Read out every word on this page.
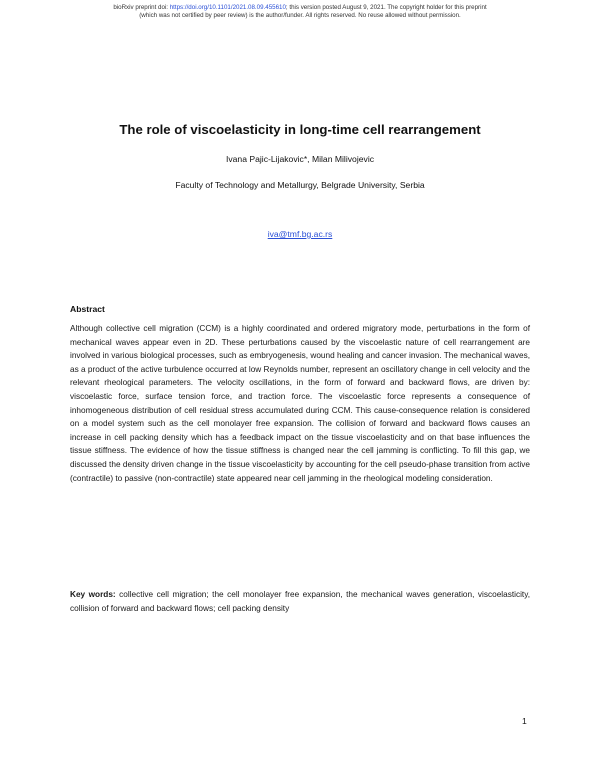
bioRxiv preprint doi: https://doi.org/10.1101/2021.08.09.455610; this version posted August 9, 2021. The copyright holder for this preprint
(which was not certified by peer review) is the author/funder. All rights reserved. No reuse allowed without permission.
The role of viscoelasticity in long-time cell rearrangement
Ivana Pajic-Lijakovic*, Milan Milivojevic
Faculty of Technology and Metallurgy, Belgrade University, Serbia
iva@tmf.bg.ac.rs
Abstract
Although collective cell migration (CCM) is a highly coordinated and ordered migratory mode, perturbations in the form of mechanical waves appear even in 2D. These perturbations caused by the viscoelastic nature of cell rearrangement are involved in various biological processes, such as embryogenesis, wound healing and cancer invasion. The mechanical waves, as a product of the active turbulence occurred at low Reynolds number, represent an oscillatory change in cell velocity and the relevant rheological parameters. The velocity oscillations, in the form of forward and backward flows, are driven by: viscoelastic force, surface tension force, and traction force. The viscoelastic force represents a consequence of inhomogeneous distribution of cell residual stress accumulated during CCM. This cause-consequence relation is considered on a model system such as the cell monolayer free expansion. The collision of forward and backward flows causes an increase in cell packing density which has a feedback impact on the tissue viscoelasticity and on that base influences the tissue stiffness. The evidence of how the tissue stiffness is changed near the cell jamming is conflicting. To fill this gap, we discussed the density driven change in the tissue viscoelasticity by accounting for the cell pseudo-phase transition from active (contractile) to passive (non-contractile) state appeared near cell jamming in the rheological modeling consideration.
Key words: collective cell migration; the cell monolayer free expansion, the mechanical waves generation, viscoelasticity, collision of forward and backward flows; cell packing density
1
